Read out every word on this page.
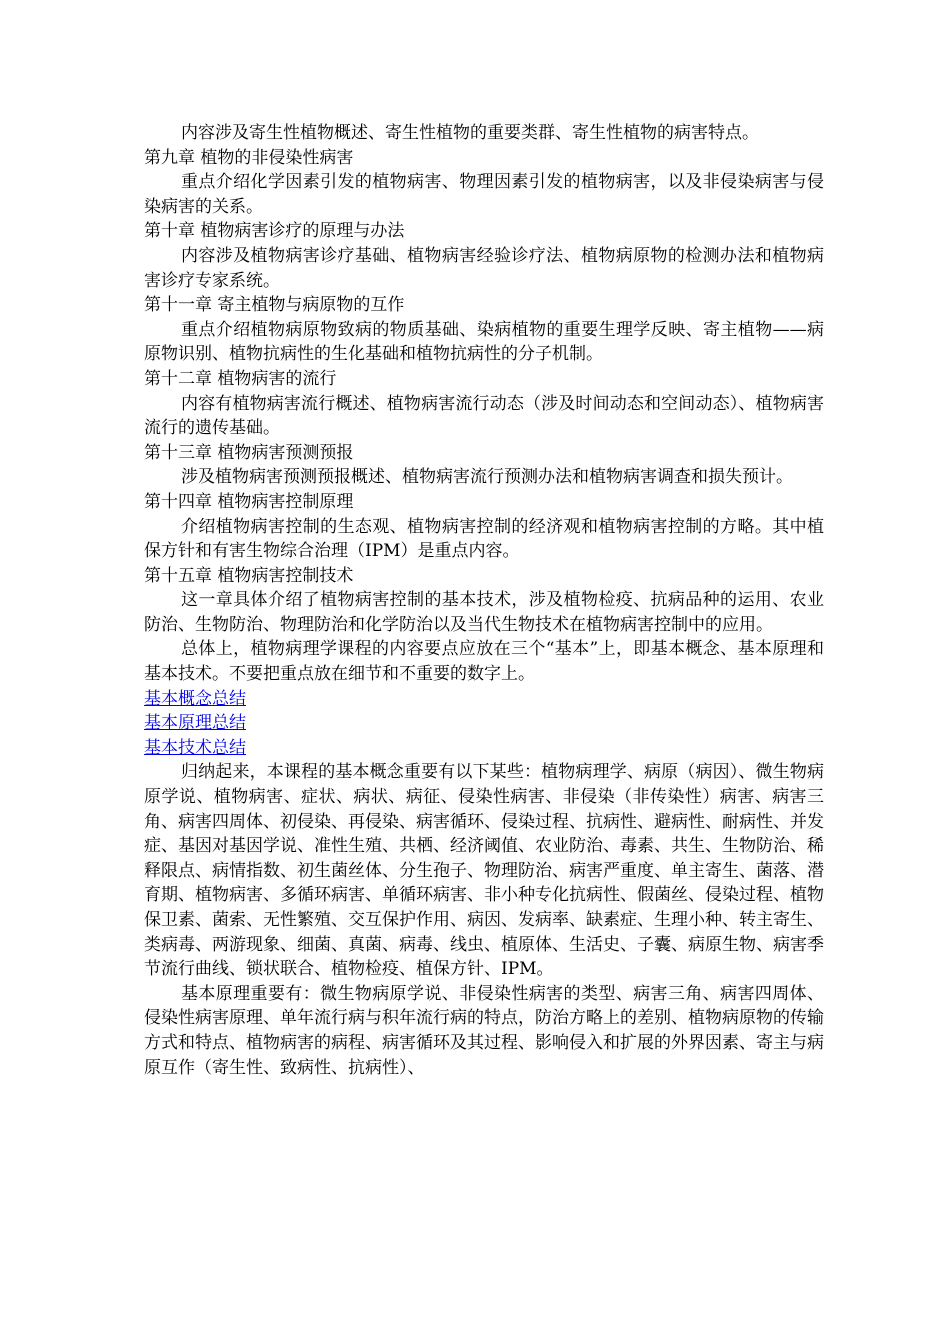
内容涉及寄生性植物概述、寄生性植物的重要类群、寄生性植物的病害特点。

第九章 植物的非侵染性病害

重点介绍化学因素引发的植物病害、物理因素引发的植物病害，以及非侵染病害与侵染病害的关系。

第十章 植物病害诊疗的原理与办法

内容涉及植物病害诊疗基础、植物病害经验诊疗法、植物病原物的检测办法和植物病害诊疗专家系统。

第十一章 寄主植物与病原物的互作

重点介绍植物病原物致病的物质基础、染病植物的重要生理学反映、寄主植物——病原物识别、植物抗病性的生化基础和植物抗病性的分子机制。

第十二章 植物病害的流行

内容有植物病害流行概述、植物病害流行动态（涉及时间动态和空间动态）、植物病害流行的遗传基础。

第十三章 植物病害预测预报

涉及植物病害预测预报概述、植物病害流行预测办法和植物病害调查和损失预计。

第十四章 植物病害控制原理

介绍植物病害控制的生态观、植物病害控制的经济观和植物病害控制的方略。其中植保方针和有害生物综合治理（IPM）是重点内容。

第十五章 植物病害控制技术

这一章具体介绍了植物病害控制的基本技术，涉及植物检疫、抗病品种的运用、农业防治、生物防治、物理防治和化学防治以及当代生物技术在植物病害控制中的应用。

总体上，植物病理学课程的内容要点应放在三个“基本”上，即基本概念、基本原理和基本技术。不要把重点放在细节和不重要的数字上。

基本概念总结
基本原理总结
基本技术总结

归纳起来，本课程的基本概念重要有以下某些：植物病理学、病原（病因）、微生物病原学说、植物病害、症状、病状、病征、侵染性病害、非侵染（非传染性）病害、病害三角、病害四周体、初侵染、再侵染、病害循环、侵染过程、抗病性、避病性、耐病性、并发症、基因对基因学说、准性生殖、共栖、经济阈值、农业防治、毒素、共生、生物防治、稀释限点、病情指数、初生菌丝体、分生孢子、物理防治、病害严重度、单主寄生、菌落、潜育期、植物病害、多循环病害、单循环病害、非小种专化抗病性、假菌丝、侵染过程、植物保卫素、菌索、无性繁殖、交互保护作用、病因、发病率、缺素症、生理小种、转主寄生、类病毒、两游现象、细菌、真菌、病毒、线虫、植原体、生活史、子囊、病原生物、病害季节流行曲线、锁状联合、植物检疫、植保方针、IPM。

基本原理重要有：微生物病原学说、非侵染性病害的类型、病害三角、病害四周体、侵染性病害原理、单年流行病与积年流行病的特点，防治方略上的差别、植物病原物的传输方式和特点、植物病害的病程、病害循环及其过程、影响侵入和扩展的外界因素、寄主与病原互作（寄生性、致病性、抗病性）、
